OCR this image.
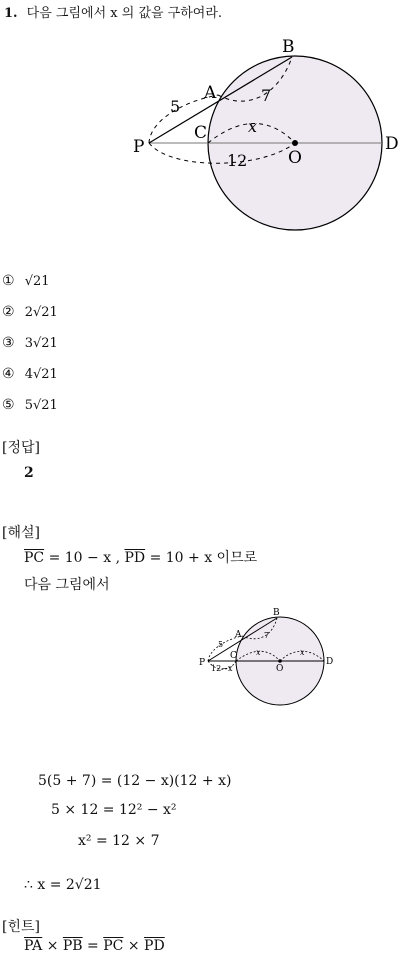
1. 다음 그림에서 x 의 값을 구하여라.
B
A
P
C
O
D
5
7
x
12
① √21
② 2√21
③ 3√21
④ 4√21
⑤ 5√21
[정답]
2
[해설]
$\overline{PC} = 10 - x$ , $\overline{PD} = 10 + x$ 이므로
다음 그림에서
B
A
P
C
O
D
5
7
x	x
12−x
5(5 + 7) = (12 − x)(12 + x)
5 × 12 = 12² − x²
x² = 12 × 7
∴ x = 2√21
[힌트]
$\overline{PA} \times \overline{PB} = \overline{PC} \times \overline{PD}$
